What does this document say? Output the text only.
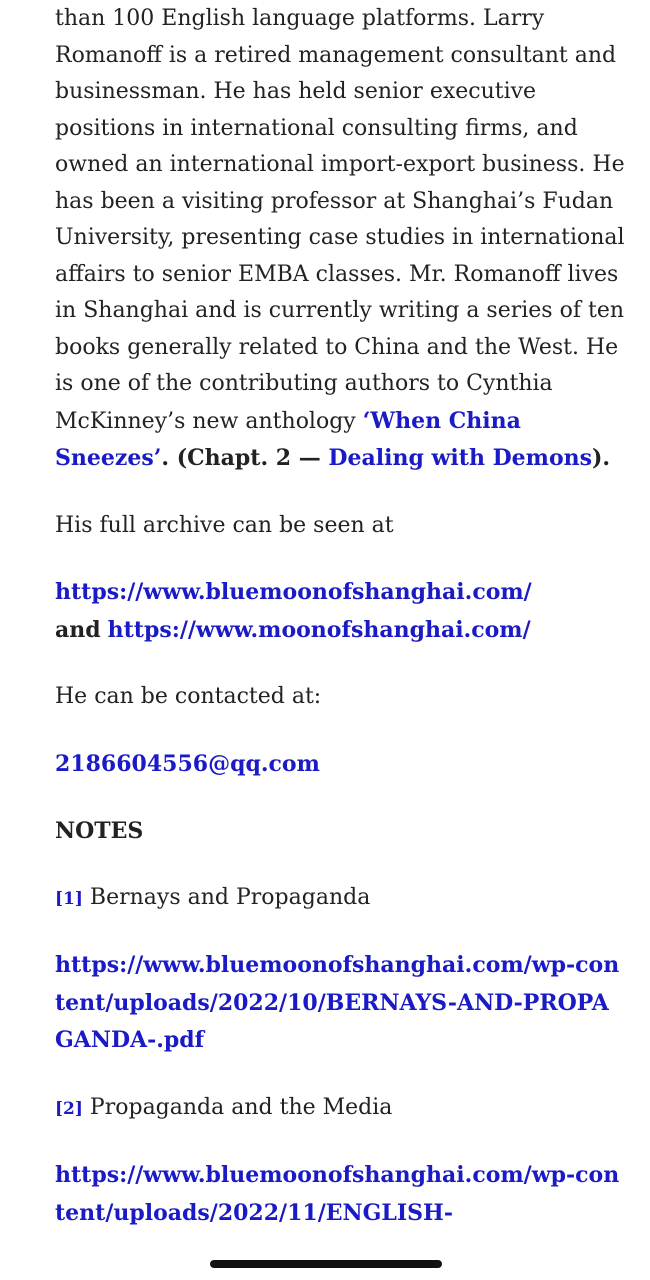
than 100 English language platforms. Larry Romanoff is a retired management consultant and businessman. He has held senior executive positions in international consulting firms, and owned an international import-export business. He has been a visiting professor at Shanghai’s Fudan University, presenting case studies in international affairs to senior EMBA classes. Mr. Romanoff lives in Shanghai and is currently writing a series of ten books generally related to China and the West. He is one of the contributing authors to Cynthia McKinney’s new anthology ‘When China Sneezes’. (Chapt. 2 — Dealing with Demons).

His full archive can be seen at

https://www.bluemoonofshanghai.com/
and https://www.moonofshanghai.com/

He can be contacted at:

2186604556@qq.com

NOTES

[1] Bernays and Propaganda

https://www.bluemoonofshanghai.com/wp-content/uploads/2022/10/BERNAYS-AND-PROPAGANDA-.pdf

[2] Propaganda and the Media

https://www.bluemoonofshanghai.com/wp-content/uploads/2022/11/ENGLISH-
